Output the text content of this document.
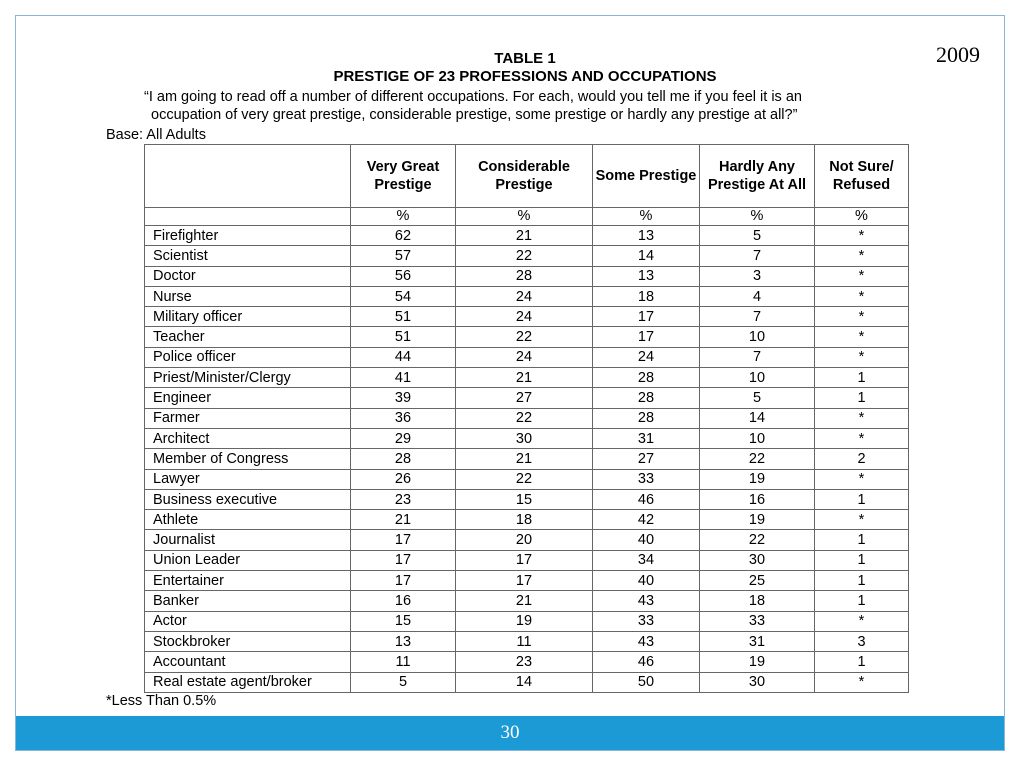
2009
TABLE 1
PRESTIGE OF 23 PROFESSIONS AND OCCUPATIONS
“I am going to read off a number of different occupations. For each, would you tell me if you feel it is an
occupation of very great prestige, considerable prestige, some prestige or hardly any prestige at all?”
Base: All Adults
	Very Great Prestige	Considerable Prestige	Some Prestige	Hardly Any Prestige At All	Not Sure/ Refused
	%	%	%	%	%
Firefighter	62	21	13	5	*
Scientist	57	22	14	7	*
Doctor	56	28	13	3	*
Nurse	54	24	18	4	*
Military officer	51	24	17	7	*
Teacher	51	22	17	10	*
Police officer	44	24	24	7	*
Priest/Minister/Clergy	41	21	28	10	1
Engineer	39	27	28	5	1
Farmer	36	22	28	14	*
Architect	29	30	31	10	*
Member of Congress	28	21	27	22	2
Lawyer	26	22	33	19	*
Business executive	23	15	46	16	1
Athlete	21	18	42	19	*
Journalist	17	20	40	22	1
Union Leader	17	17	34	30	1
Entertainer	17	17	40	25	1
Banker	16	21	43	18	1
Actor	15	19	33	33	*
Stockbroker	13	11	43	31	3
Accountant	11	23	46	19	1
Real estate agent/broker	5	14	50	30	*
*Less Than 0.5%
30
